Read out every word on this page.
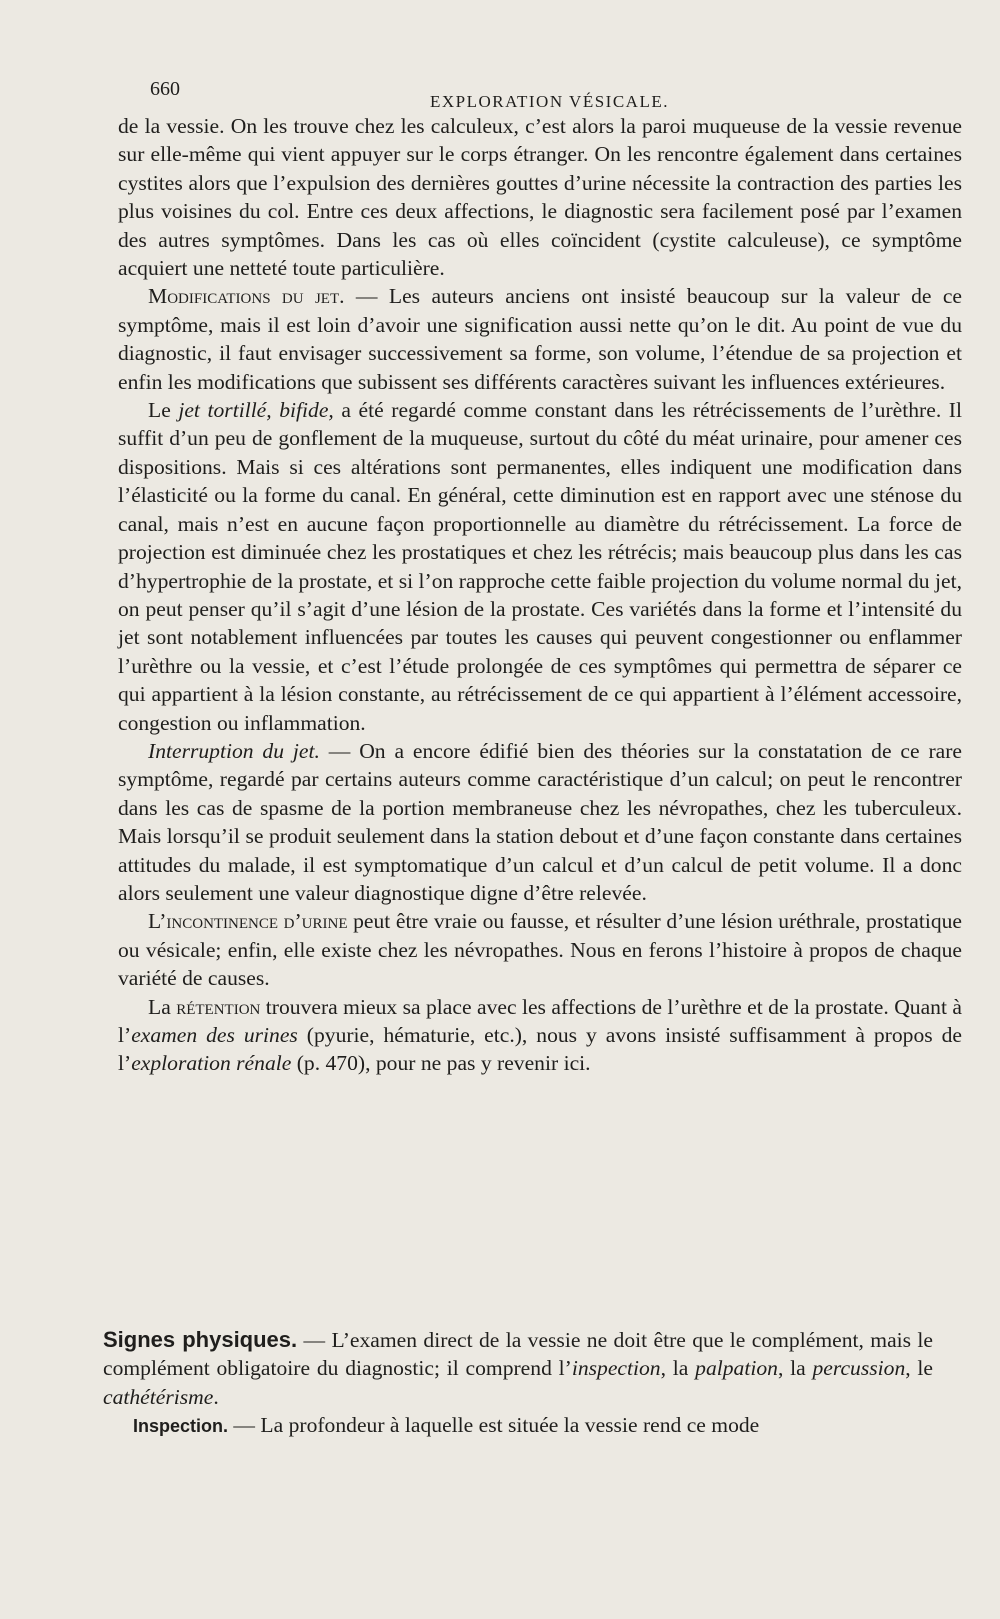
660
EXPLORATION VÉSICALE.

de la vessie. On les trouve chez les calculeux, c’est alors la paroi muqueuse de la vessie revenue sur elle-même qui vient appuyer sur le corps étranger. On les rencontre également dans certaines cystites alors que l’expulsion des dernières gouttes d’urine nécessite la contraction des parties les plus voisines du col. Entre ces deux affections, le diagnostic sera facilement posé par l’examen des autres symptômes. Dans les cas où elles coïncident (cystite calculeuse), ce symptôme acquiert une netteté toute particulière.

Modifications du jet. — Les auteurs anciens ont insisté beaucoup sur la valeur de ce symptôme, mais il est loin d’avoir une signification aussi nette qu’on le dit. Au point de vue du diagnostic, il faut envisager successivement sa forme, son volume, l’étendue de sa projection et enfin les modifications que subissent ses différents caractères suivant les influences extérieures.

Le jet tortillé, bifide, a été regardé comme constant dans les rétrécissements de l’urèthre. Il suffit d’un peu de gonflement de la muqueuse, surtout du côté du méat urinaire, pour amener ces dispositions. Mais si ces altérations sont permanentes, elles indiquent une modification dans l’élasticité ou la forme du canal. En général, cette diminution est en rapport avec une sténose du canal, mais n’est en aucune façon proportionnelle au diamètre du rétrécissement. La force de projection est diminuée chez les prostatiques et chez les rétrécis; mais beaucoup plus dans les cas d’hypertrophie de la prostate, et si l’on rapproche cette faible projection du volume normal du jet, on peut penser qu’il s’agit d’une lésion de la prostate. Ces variétés dans la forme et l’intensité du jet sont notablement influencées par toutes les causes qui peuvent congestionner ou enflammer l’urèthre ou la vessie, et c’est l’étude prolongée de ces symptômes qui permettra de séparer ce qui appartient à la lésion constante, au rétrécissement de ce qui appartient à l’élément accessoire, congestion ou inflammation.

Interruption du jet. — On a encore édifié bien des théories sur la constatation de ce rare symptôme, regardé par certains auteurs comme caractéristique d’un calcul; on peut le rencontrer dans les cas de spasme de la portion membraneuse chez les névropathes, chez les tuberculeux. Mais lorsqu’il se produit seulement dans la station debout et d’une façon constante dans certaines attitudes du malade, il est symptomatique d’un calcul et d’un calcul de petit volume. Il a donc alors seulement une valeur diagnostique digne d’être relevée.

L’incontinence d’urine peut être vraie ou fausse, et résulter d’une lésion uréthrale, prostatique ou vésicale; enfin, elle existe chez les névropathes. Nous en ferons l’histoire à propos de chaque variété de causes.

La rétention trouvera mieux sa place avec les affections de l’urèthre et de la prostate. Quant à l’examen des urines (pyurie, hématurie, etc.), nous y avons insisté suffisamment à propos de l’exploration rénale (p. 470), pour ne pas y revenir ici.

Signes physiques. — L’examen direct de la vessie ne doit être que le complément, mais le complément obligatoire du diagnostic; il comprend l’inspection, la palpation, la percussion, le cathétérisme.

Inspection. — La profondeur à laquelle est située la vessie rend ce mode
